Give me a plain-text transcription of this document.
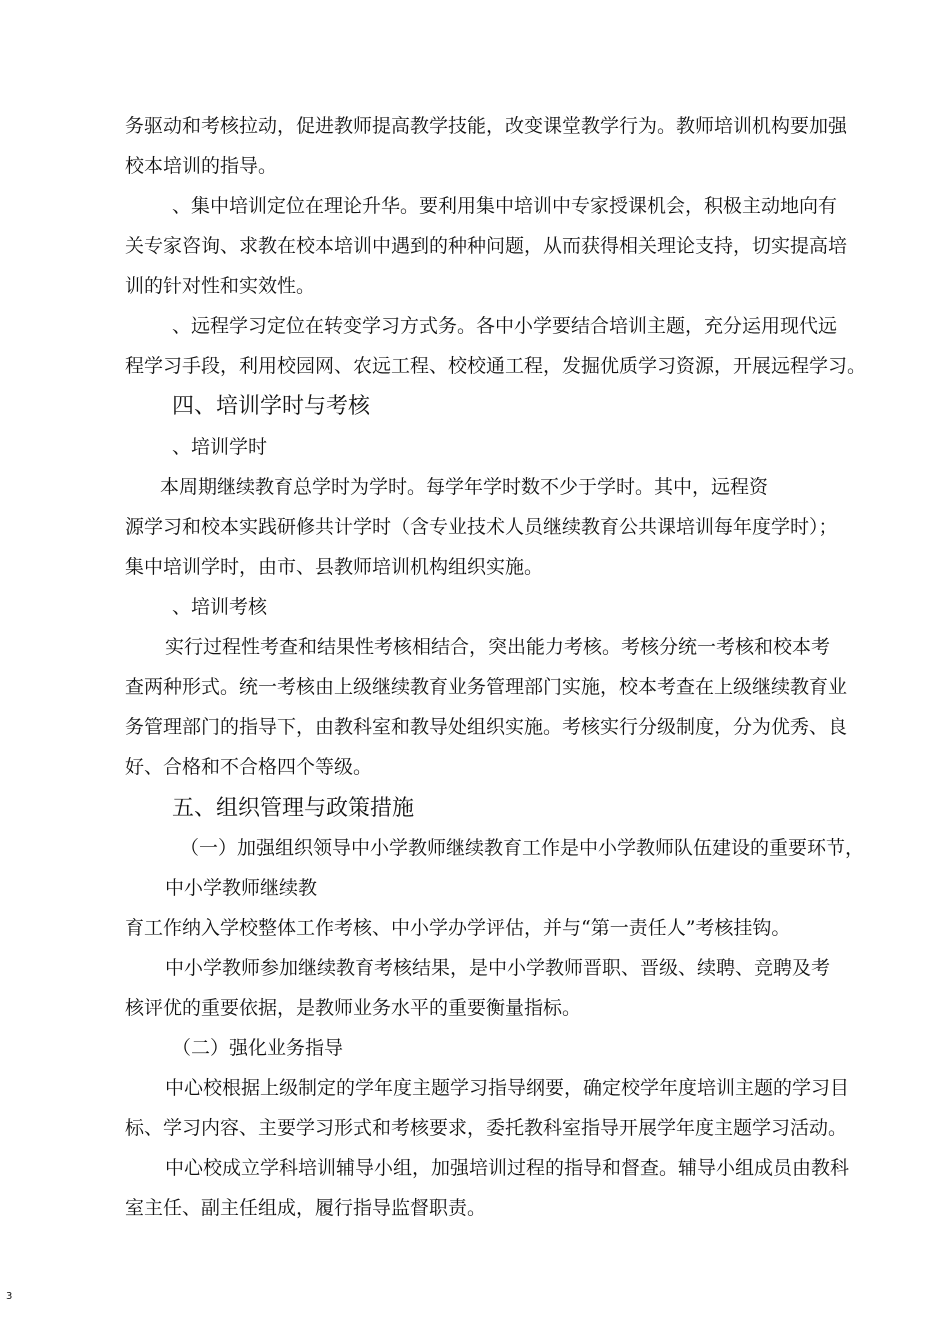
务驱动和考核拉动，促进教师提高教学技能，改变课堂教学行为。教师培训机构要加强
校本培训的指导。
、集中培训定位在理论升华。要利用集中培训中专家授课机会，积极主动地向有
关专家咨询、求教在校本培训中遇到的种种问题，从而获得相关理论支持，切实提高培
训的针对性和实效性。
、远程学习定位在转变学习方式务。各中小学要结合培训主题，充分运用现代远
程学习手段，利用校园网、农远工程、校校通工程，发掘优质学习资源，开展远程学习。
四、培训学时与考核
、培训学时
本周期继续教育总学时为学时。每学年学时数不少于学时。其中，远程资
源学习和校本实践研修共计学时（含专业技术人员继续教育公共课培训每年度学时）；
集中培训学时，由市、县教师培训机构组织实施。
、培训考核
实行过程性考查和结果性考核相结合，突出能力考核。考核分统一考核和校本考
查两种形式。统一考核由上级继续教育业务管理部门实施，校本考查在上级继续教育业
务管理部门的指导下，由教科室和教导处组织实施。考核实行分级制度，分为优秀、良
好、合格和不合格四个等级。
五、组织管理与政策措施
（一）加强组织领导中小学教师继续教育工作是中小学教师队伍建设的重要环节，
中小学教师继续教
育工作纳入学校整体工作考核、中小学办学评估，并与“第一责任人”考核挂钩。
中小学教师参加继续教育考核结果，是中小学教师晋职、晋级、续聘、竞聘及考
核评优的重要依据，是教师业务水平的重要衡量指标。
（二）强化业务指导
中心校根据上级制定的学年度主题学习指导纲要，确定校学年度培训主题的学习目
标、学习内容、主要学习形式和考核要求，委托教科室指导开展学年度主题学习活动。
中心校成立学科培训辅导小组，加强培训过程的指导和督查。辅导小组成员由教科
室主任、副主任组成，履行指导监督职责。
3
